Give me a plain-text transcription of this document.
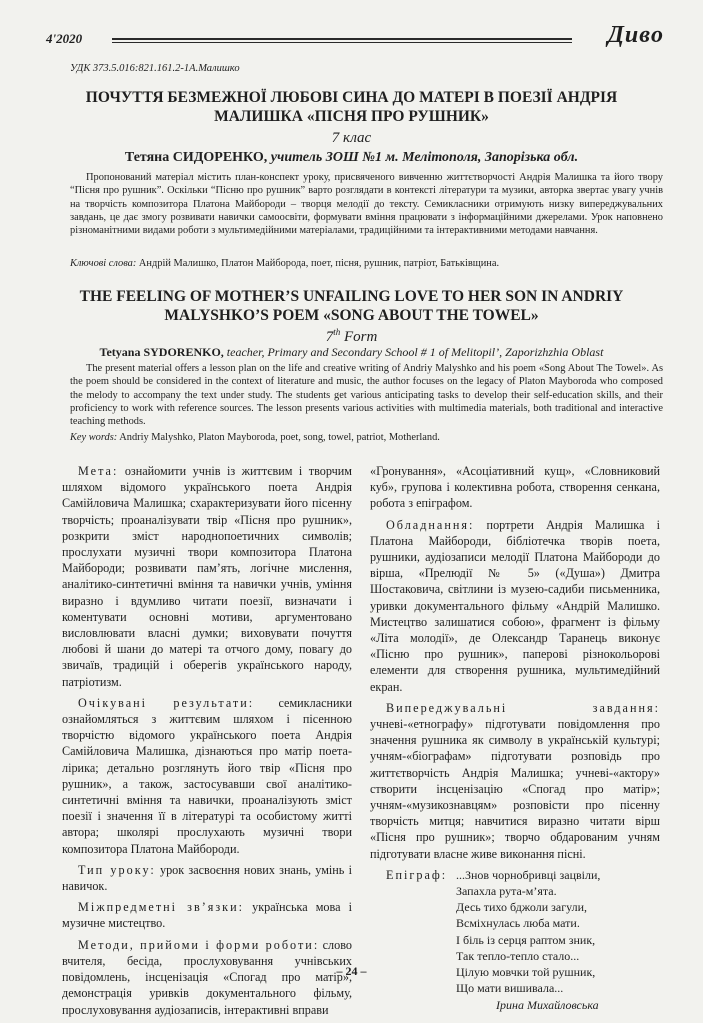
4'2020	Дивo
УДК 373.5.016:821.161.2-1А.Малишко
ПОЧУТТЯ БЕЗМЕЖНОЇ ЛЮБОВІ СИНА ДО МАТЕРІ В ПОЕЗІЇ АНДРІЯ МАЛИШКА «ПІСНЯ ПРО РУШНИК»
7 клас
Тетяна СИДОРЕНКО, учитель ЗОШ №1 м. Мелітополя, Запорізька обл.
Пропонований матеріал містить план-конспект уроку, присвяченого вивченню життєтворчості Андрія Малишка та його твору “Пісня про рушник”. Оскільки “Пісню про рушник” варто розглядати в контексті літератури та музики, авторка звертає увагу учнів на творчість композитора Платона Майбороди – творця мелодії до тексту. Семикласники отримують низку випереджувальних завдань, це дає змогу розвивати навички самоосвіти, формувати вміння працювати з інформаційними джерелами. Урок наповнено різноманітними видами роботи з мультимедійними матеріалами, традиційними та інтерактивними методами навчання.
Ключові слова: Андрій Малишко, Платон Майборода, поет, пісня, рушник, патріот, Батьківщина.
THE FEELING OF MOTHER’S UNFAILING LOVE TO HER SON IN ANDRIY MALYSHKO’S POEM «SONG ABOUT THE TOWEL»
7th Form
Tetyana SYDORENKO, teacher, Primary and Secondary School # 1 of Melitopil’, Zaporizhzhia Oblast
The present material offers a lesson plan on the life and creative writing of Andriy Malyshko and his poem «Song About The Towel». As the poem should be considered in the context of literature and music, the author focuses on the legacy of Platon Mayboroda who composed the melody to accompany the text under study. The students get various anticipating tasks to develop their self-education skills, and their proficiency to work with reference sources. The lesson presents various activities with multimedia materials, both traditional and interactive teaching methods.
Key words: Andriy Malyshko, Platon Mayboroda, poet, song, towel, patriot, Motherland.

Мета: ознайомити учнів із життєвим і творчим шляхом відомого українського поета Андрія Самійловича Малишка; схарактеризувати його пісенну творчість; проаналізувати твір «Пісня про рушник», розкрити зміст народнопоетичних символів; прослухати музичні твори композитора Платона Майбороди; розвивати пам’ять, логічне мислення, аналітико-синтетичні вміння та навички учнів, уміння виразно і вдумливо читати поезії, визначати і коментувати основні мотиви, аргументовано висловлювати власні думки; виховувати почуття любові й шани до матері та отчого дому, повагу до звичаїв, традицій і оберегів українського народу, патріотизм.

Очікувані результати: семикласники ознайомляться з життєвим шляхом і пісенною творчістю відомого українського поета Андрія Самійловича Малишка, дізнаються про матір поета-лірика; детально розглянуть його твір «Пісня про рушник», а також, застосувавши свої аналітико-синтетичні вміння та навички, проаналізують зміст поезії і значення її в літературі та особистому житті автора; школярі прослухають музичні твори композитора Платона Майбороди.

Тип уроку: урок засвоєння нових знань, умінь і навичок.

Міжпредметні зв’язки: українська мова і музичне мистецтво.

Методи, прийоми і форми роботи: слово вчителя, бесіда, прослуховування учнівських повідомлень, інсценізація «Спогад про матір», демонстрація уривків документального фільму, прослуховування аудіозаписів, інтерактивні вправи

«Гронування», «Асоціативний кущ», «Словниковий куб», групова і колективна робота, створення сенкана, робота з епіграфом.

Обладнання: портрети Андрія Малишка і Платона Майбороди, бібліотечка творів поета, рушники, аудіозаписи мелодії Платона Майбороди до вірша, «Прелюдії № 5» («Душа») Дмитра Шостаковича, світлини із музею-садиби письменника, уривки документального фільму «Андрій Малишко. Мистецтво залишатися собою», фрагмент із фільму «Літа молодії», де Олександр Таранець виконує «Пісню про рушник», паперові різнокольорові елементи для створення рушника, мультимедійний екран.

Випереджувальні завдання: учневі-«етнографу» підготувати повідомлення про значення рушника як символу в українській культурі; учням-«біографам» підготувати розповідь про життєтворчість Андрія Малишка; учневі-«актору» створити інсценізацію «Спогад про матір»; учням-«музикознавцям» розповісти про пісенну творчість митця; навчитися виразно читати вірш «Пісня про рушник»; творчо обдарованим учням підготувати власне живе виконання пісні.

Епіграф: ...Знов чорнобривці зацвіли,
Запахла рута-м’ята.
Десь тихо бджоли загули,
Всміхнулась люба мати.
І біль із серця раптом зник,
Так тепло-тепло стало...
Цілую мовчки той рушник,
Що мати вишивала...
Ірина Михайловська
– 24 –
